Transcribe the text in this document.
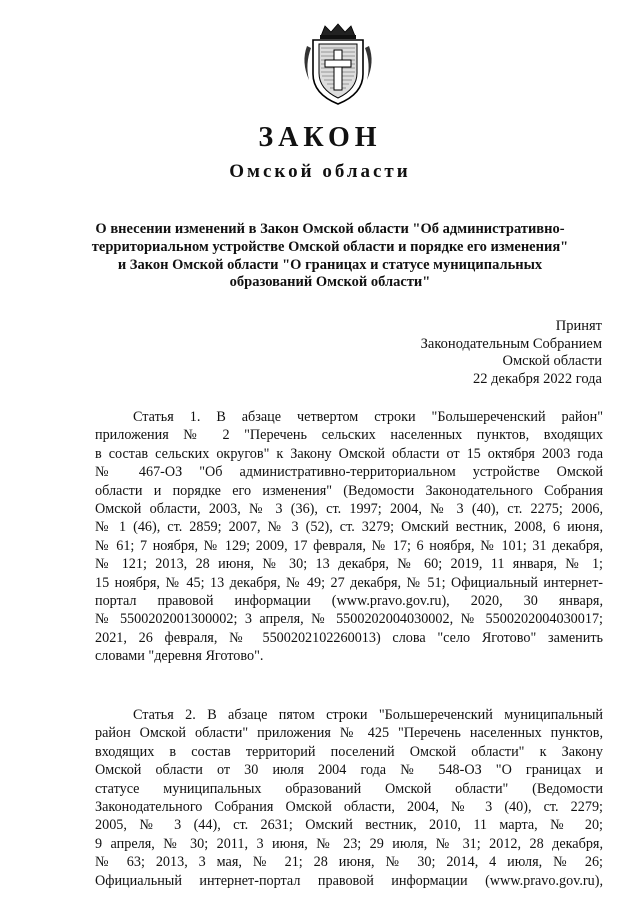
ЗАКОН
Омской области
О внесении изменений в Закон Омской области "Об административно-
территориальном устройстве Омской области и порядке его изменения"
и Закон Омской области "О границах и статусе муниципальных
образований Омской области"
Принят
Законодательным Собранием
Омской области
22 декабря 2022 года
Статья 1. В абзаце четвертом строки "Большереченский район"
приложения № 2 "Перечень сельских населенных пунктов, входящих
в состав сельских округов" к Закону Омской области от 15 октября 2003 года
№ 467-ОЗ "Об административно-территориальном устройстве Омской
области и порядке его изменения" (Ведомости Законодательного Собрания
Омской области, 2003, № 3 (36), ст. 1997; 2004, № 3 (40), ст. 2275; 2006,
№ 1 (46), ст. 2859; 2007, № 3 (52), ст. 3279; Омский вестник, 2008, 6 июня,
№ 61; 7 ноября, № 129; 2009, 17 февраля, № 17; 6 ноября, № 101; 31 декабря,
№ 121; 2013, 28 июня, № 30; 13 декабря, № 60; 2019, 11 января, № 1;
15 ноября, № 45; 13 декабря, № 49; 27 декабря, № 51; Официальный интернет-
портал правовой информации (www.pravo.gov.ru), 2020, 30 января,
№ 5500202001300002; 3 апреля, № 5500202004030002, № 5500202004030017;
2021, 26 февраля, № 5500202102260013) слова "село Яготово" заменить
словами "деревня Яготово".
Статья 2. В абзаце пятом строки "Большереченский муниципальный
район Омской области" приложения № 425 "Перечень населенных пунктов,
входящих в состав территорий поселений Омской области" к Закону
Омской области от 30 июля 2004 года № 548-ОЗ "О границах и
статусе муниципальных образований Омской области" (Ведомости
Законодательного Собрания Омской области, 2004, № 3 (40), ст. 2279;
2005, № 3 (44), ст. 2631; Омский вестник, 2010, 11 марта, № 20;
9 апреля, № 30; 2011, 3 июня, № 23; 29 июля, № 31; 2012, 28 декабря,
№ 63; 2013, 3 мая, № 21; 28 июня, № 30; 2014, 4 июля, № 26;
Официальный интернет-портал правовой информации (www.pravo.gov.ru),
